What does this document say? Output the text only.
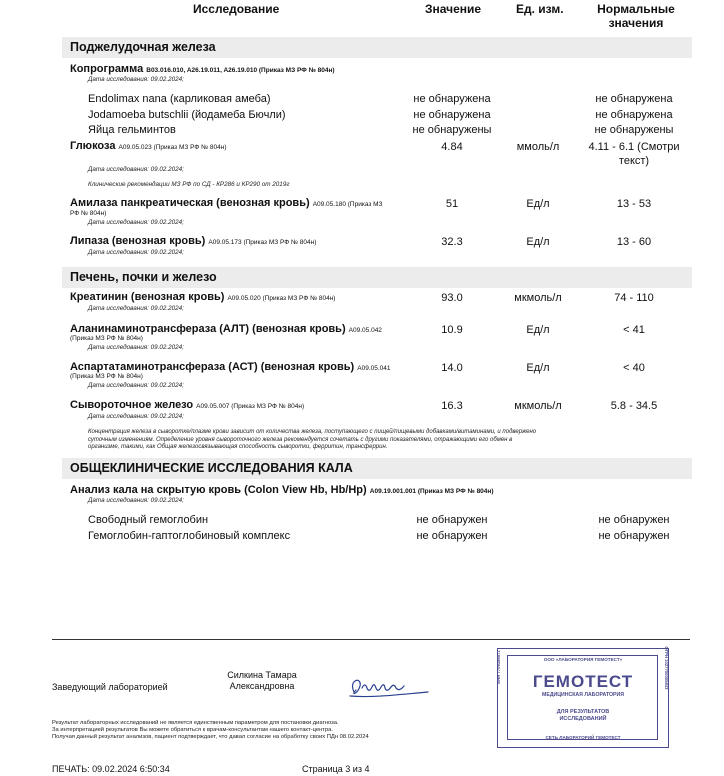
Исследование	Значение	Ед. изм.	Нормальные
значения
Поджелудочная железа
Копрограмма B03.016.010, A26.19.011, A26.19.010 (Приказ МЗ РФ № 804н)
Дата исследования: 09.02.2024;
Endolimax nana (карликовая амеба)	не обнаружена	не обнаружена
Jodamoeba butschlii (йодамеба Бючли)	не обнаружена	не обнаружена
Яйца гельминтов	не обнаружены	не обнаружены
Глюкоза A09.05.023 (Приказ МЗ РФ № 804н)	4.84	ммоль/л	4.11 - 6.1 (Смотри
текст)
Дата исследования: 09.02.2024;
Клинические рекомендации МЗ РФ по СД - КР286 и КР290 от 2019г
Амилаза панкреатическая (венозная кровь) A09.05.180 (Приказ МЗ
РФ № 804н)
51	Ед/л	13 - 53
Дата исследования: 09.02.2024;
Липаза (венозная кровь) A09.05.173 (Приказ МЗ РФ № 804н)	32.3	Ед/л	13 - 60
Дата исследования: 09.02.2024;
Печень, почки и железо
Креатинин (венозная кровь) A09.05.020 (Приказ МЗ РФ № 804н)	93.0	мкмоль/л	74 - 110
Дата исследования: 09.02.2024;
Аланинаминотрансфераза (АЛТ) (венозная кровь) A09.05.042
(Приказ МЗ РФ № 804н)
10.9	Ед/л	< 41
Дата исследования: 09.02.2024;
Аспартатаминотрансфераза (АСТ) (венозная кровь) A09.05.041
(Приказ МЗ РФ № 804н)
14.0	Ед/л	< 40
Дата исследования: 09.02.2024;
Сывороточное железо A09.05.007 (Приказ МЗ РФ № 804н)	16.3	мкмоль/л	5.8 - 34.5
Дата исследования: 09.02.2024;
Концентрация железа в сыворотке/плазме крови зависит от количества железа, поступающего с пищей/пищевыми добавками/витаминами, и подвержено
суточным изменениям. Определение уровня сывороточного железа рекомендуется сочетать с другими показателями, отражающими его обмен в
организме, такими, как Общая железосвязывающая способность сыворотки, ферритин, трансферрин.
ОБЩЕКЛИНИЧЕСКИЕ ИССЛЕДОВАНИЯ КАЛА
Анализ кала на скрытую кровь (Colon View Hb, Hb/Hp) A09.19.001.001 (Приказ МЗ РФ № 804н)
Дата исследования: 09.02.2024;
Свободный гемоглобин	не обнаружен	не обнаружен
Гемоглобин-гаптоглобиновый комплекс	не обнаружен	не обнаружен
Заведующий лабораторией
Силкина Тамара
Александровна
Результат лабораторных исследований не является единственным параметром для постановки диагноза.
За интерпретацией результатов Вы можете обратиться к врачам-консультантам нашего контакт-центра.
Получая данный результат анализов, пациент подтверждает, что давал согласие на обработку своих ПДн 08.02.2024
ПЕЧАТЬ: 09.02.2024 6:50:34	Страница 3 из 4
ООО «ЛАБОРАТОРИЯ ГЕМОТЕСТ»
ГЕМОТЕСТ
МЕДИЦИНСКАЯ ЛАБОРАТОРИЯ
ДЛЯ РЕЗУЛЬТАТОВ
ИССЛЕДОВАНИЙ
СЕТЬ ЛАБОРАТОРИЙ ГЕМОТЕСТ
ИНН 7709385571	ОГРН 1027700005843
